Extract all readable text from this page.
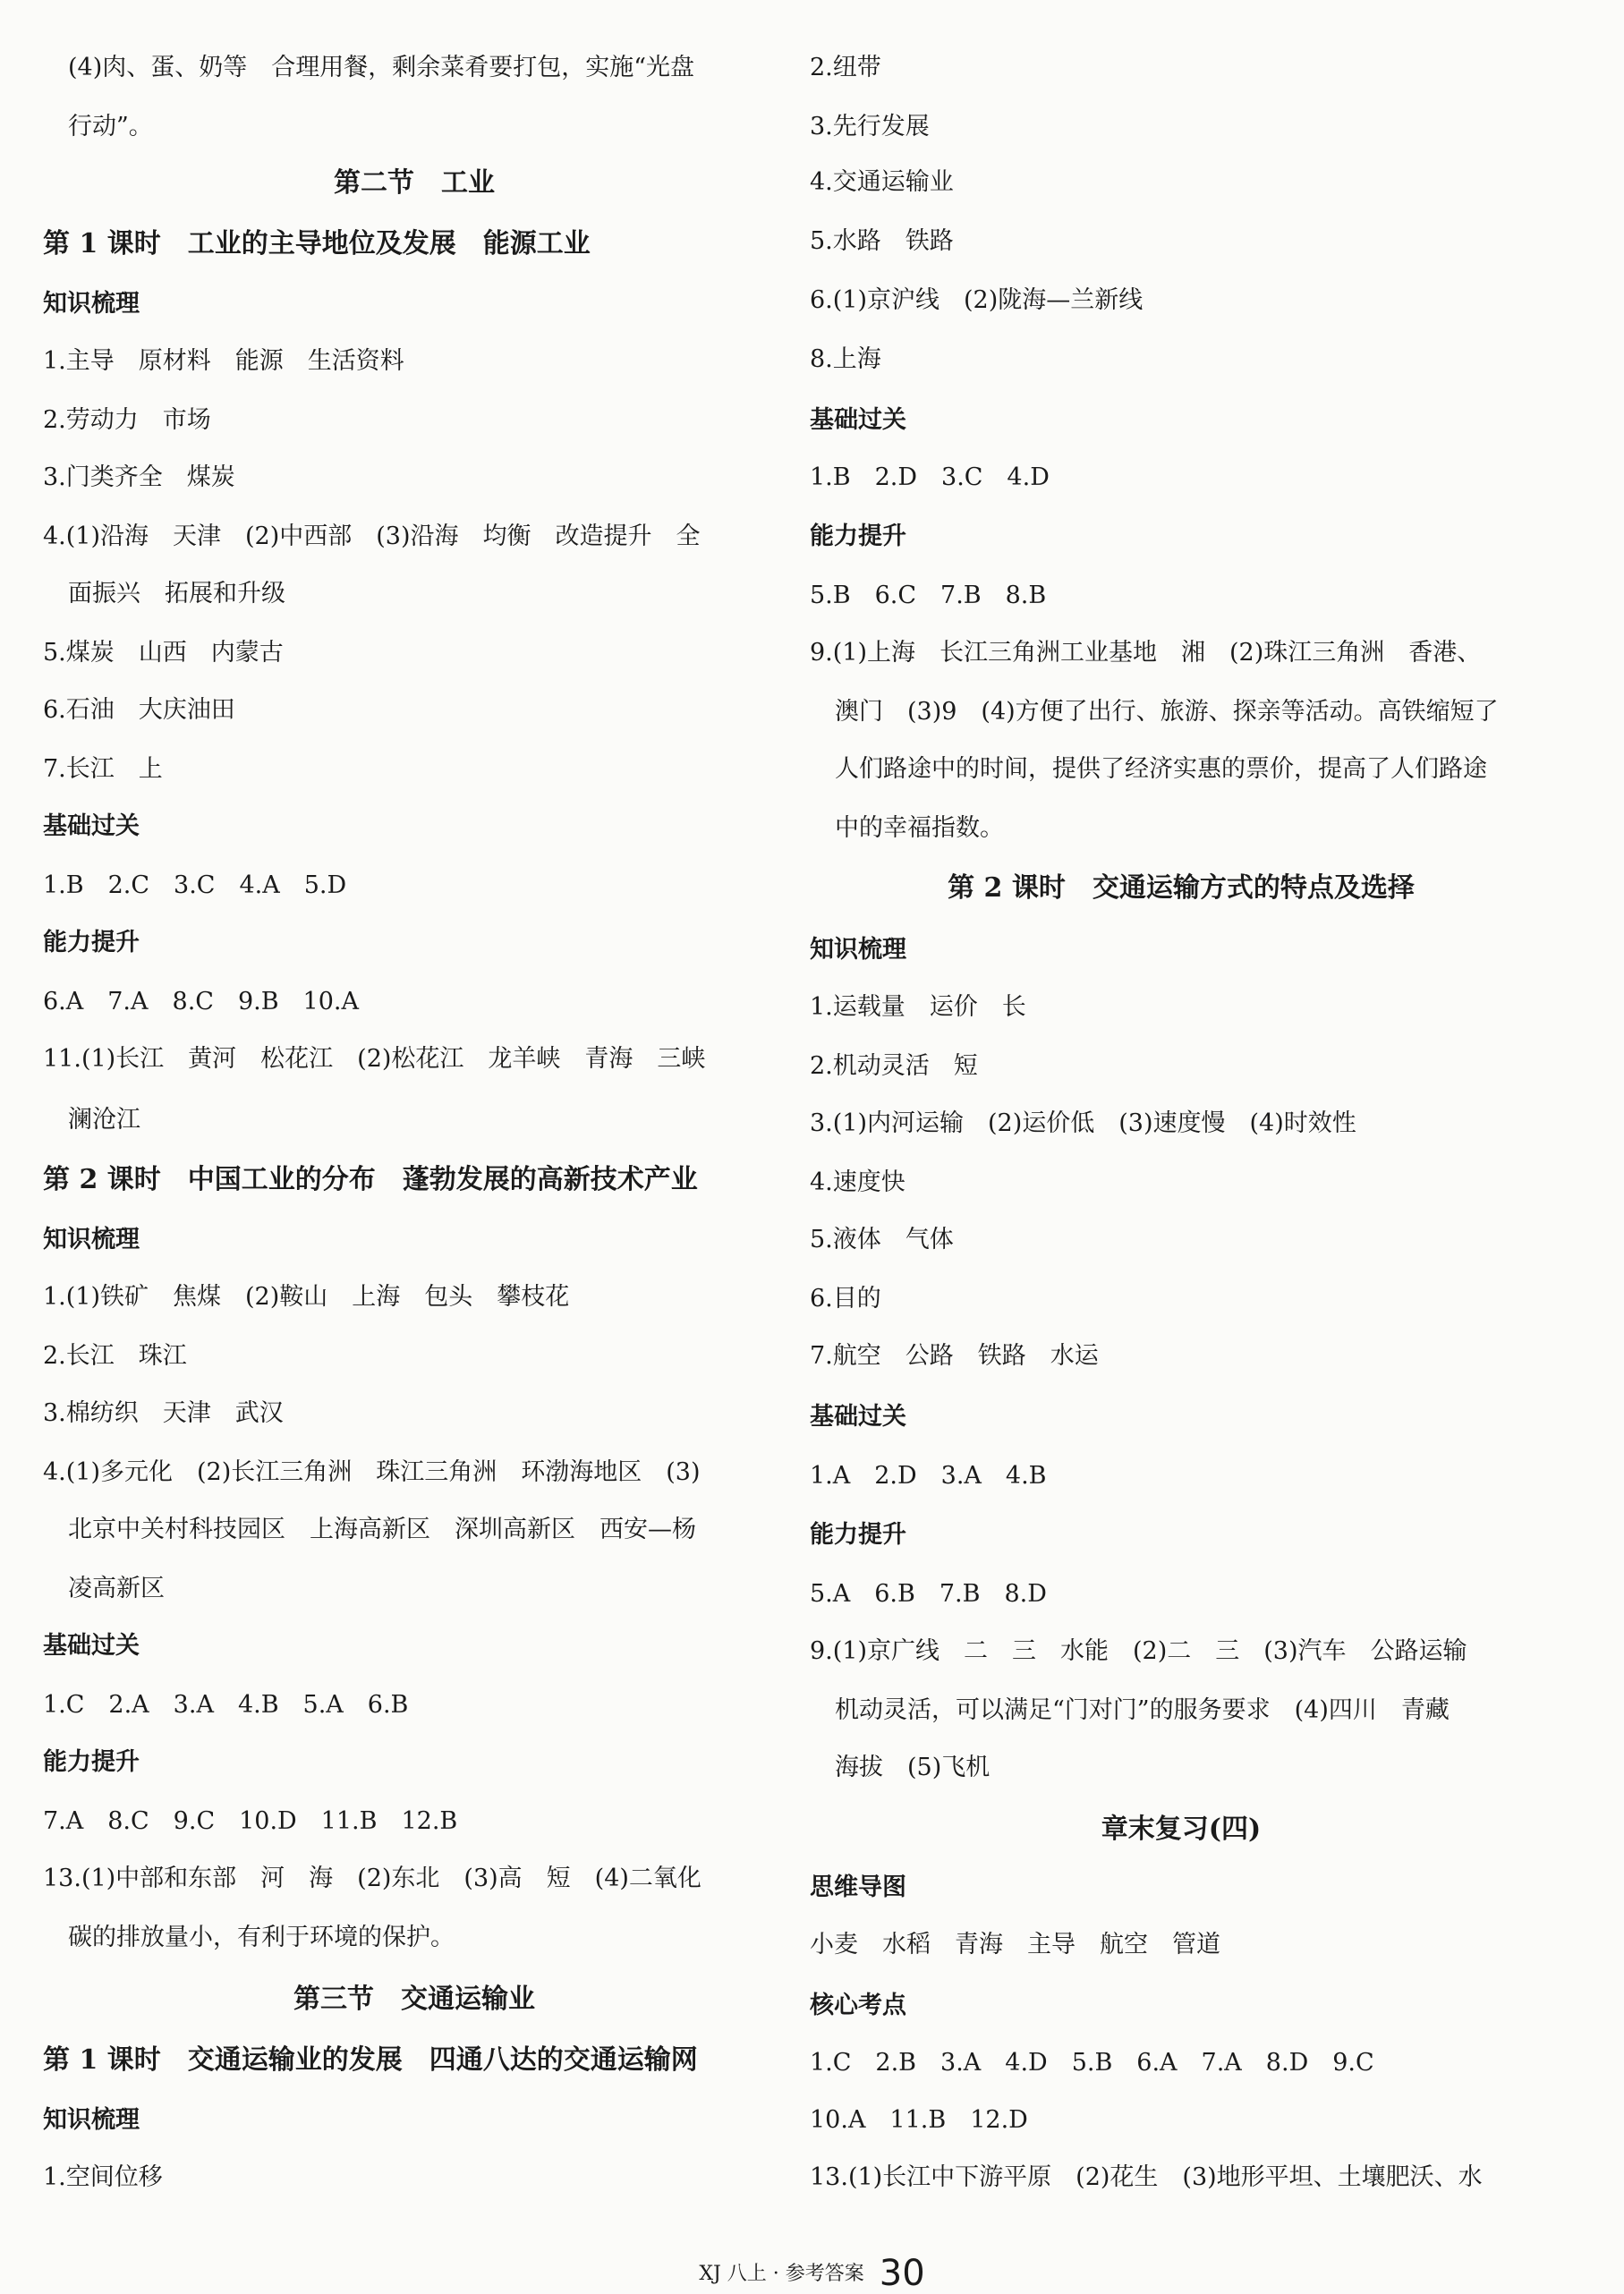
(4)肉、蛋、奶等　合理用餐，剩余菜肴要打包，实施“光盘
行动”。
第二节　工业
第 1 课时　工业的主导地位及发展　能源工业
知识梳理
1.主导　原材料　能源　生活资料
2.劳动力　市场
3.门类齐全　煤炭
4.(1)沿海　天津　(2)中西部　(3)沿海　均衡　改造提升　全
面振兴　拓展和升级
5.煤炭　山西　内蒙古
6.石油　大庆油田
7.长江　上
基础过关
1.B　2.C　3.C　4.A　5.D
能力提升
6.A　7.A　8.C　9.B　10.A
11.(1)长江　黄河　松花江　(2)松花江　龙羊峡　青海　三峡
澜沧江
第 2 课时　中国工业的分布　蓬勃发展的高新技术产业
知识梳理
1.(1)铁矿　焦煤　(2)鞍山　上海　包头　攀枝花
2.长江　珠江
3.棉纺织　天津　武汉
4.(1)多元化　(2)长江三角洲　珠江三角洲　环渤海地区　(3)
北京中关村科技园区　上海高新区　深圳高新区　西安—杨
凌高新区
基础过关
1.C　2.A　3.A　4.B　5.A　6.B
能力提升
7.A　8.C　9.C　10.D　11.B　12.B
13.(1)中部和东部　河　海　(2)东北　(3)高　短　(4)二氧化
碳的排放量小，有利于环境的保护。
第三节　交通运输业
第 1 课时　交通运输业的发展　四通八达的交通运输网
知识梳理
1.空间位移
2.纽带
3.先行发展
4.交通运输业
5.水路　铁路
6.(1)京沪线　(2)陇海—兰新线
8.上海
基础过关
1.B　2.D　3.C　4.D
能力提升
5.B　6.C　7.B　8.B
9.(1)上海　长江三角洲工业基地　湘　(2)珠江三角洲　香港、
澳门　(3)9　(4)方便了出行、旅游、探亲等活动。高铁缩短了
人们路途中的时间，提供了经济实惠的票价，提高了人们路途
中的幸福指数。
第 2 课时　交通运输方式的特点及选择
知识梳理
1.运载量　运价　长
2.机动灵活　短
3.(1)内河运输　(2)运价低　(3)速度慢　(4)时效性
4.速度快
5.液体　气体
6.目的
7.航空　公路　铁路　水运
基础过关
1.A　2.D　3.A　4.B
能力提升
5.A　6.B　7.B　8.D
9.(1)京广线　二　三　水能　(2)二　三　(3)汽车　公路运输
机动灵活，可以满足“门对门”的服务要求　(4)四川　青藏
海拔　(5)飞机
章末复习(四)
思维导图
小麦　水稻　青海　主导　航空　管道
核心考点
1.C　2.B　3.A　4.D　5.B　6.A　7.A　8.D　9.C
10.A　11.B　12.D
13.(1)长江中下游平原　(2)花生　(3)地形平坦、土壤肥沃、水
XJ 八上 · 参考答案 30
